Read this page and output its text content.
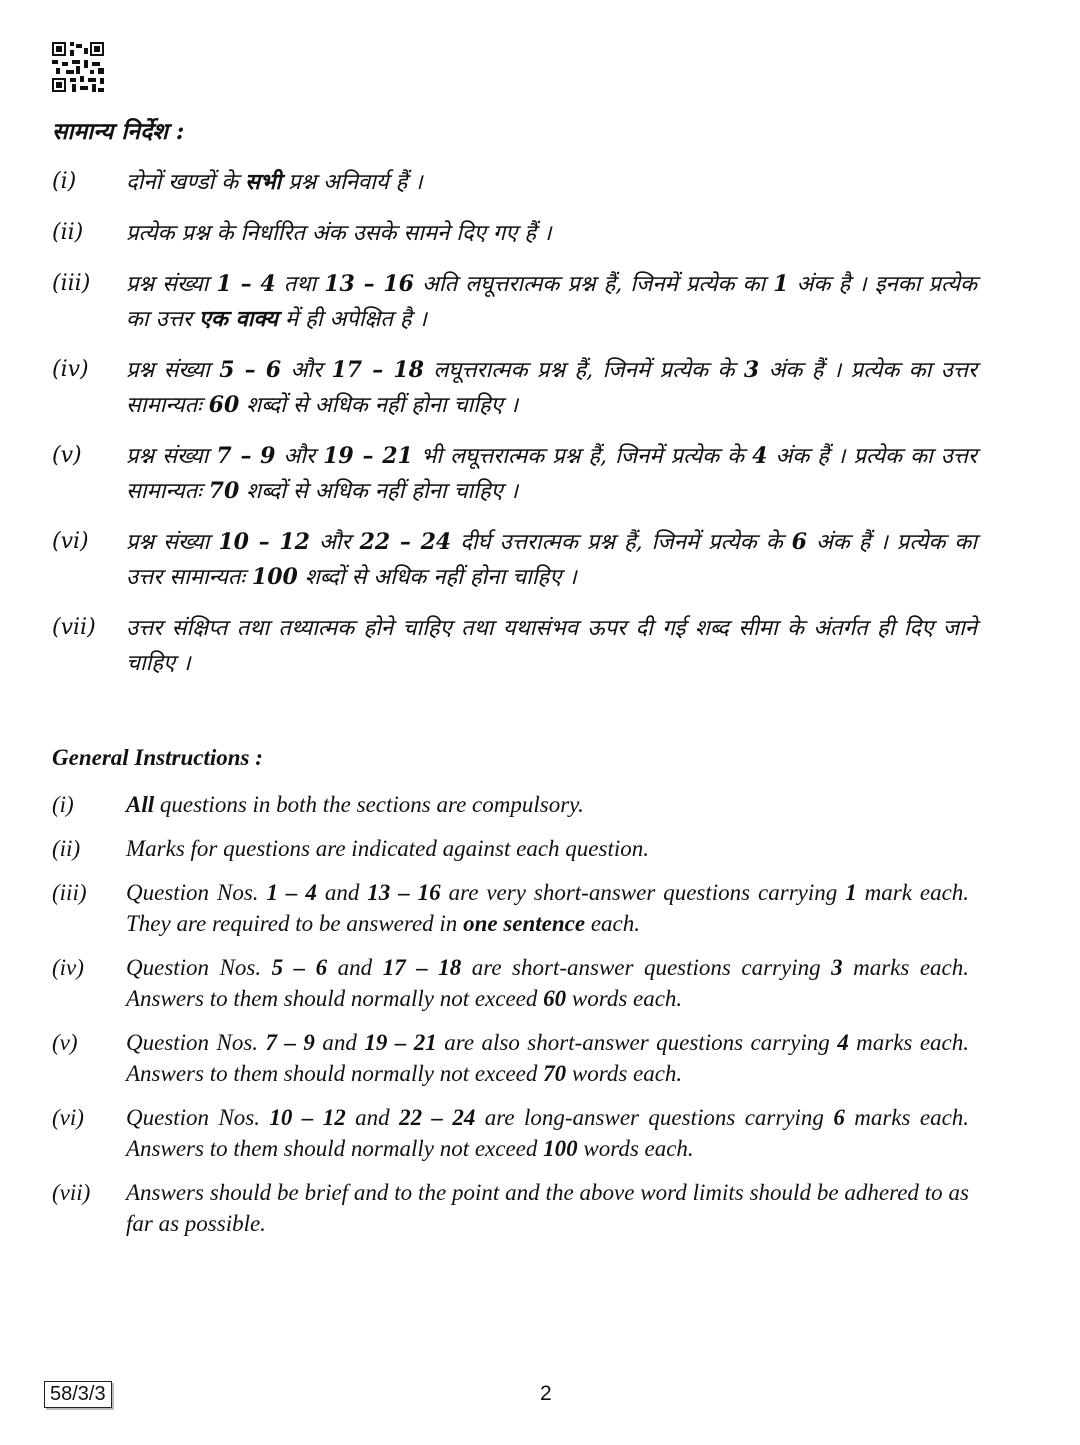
सामान्य निर्देश :
(i)	दोनों खण्डों के सभी प्रश्न अनिवार्य हैं ।
(ii)	प्रत्येक प्रश्न के निर्धारित अंक उसके सामने दिए गए हैं ।
(iii)	प्रश्न संख्या 1 – 4 तथा 13 – 16 अति लघूत्तरात्मक प्रश्न हैं, जिनमें प्रत्येक का 1 अंक है । इनका प्रत्येक का उत्तर एक वाक्य में ही अपेक्षित है ।
(iv)	प्रश्न संख्या 5 – 6 और 17 – 18 लघूत्तरात्मक प्रश्न हैं, जिनमें प्रत्येक के 3 अंक हैं । प्रत्येक का उत्तर सामान्यतः 60 शब्दों से अधिक नहीं होना चाहिए ।
(v)	प्रश्न संख्या 7 – 9 और 19 – 21 भी लघूत्तरात्मक प्रश्न हैं, जिनमें प्रत्येक के 4 अंक हैं । प्रत्येक का उत्तर सामान्यतः 70 शब्दों से अधिक नहीं होना चाहिए ।
(vi)	प्रश्न संख्या 10 – 12 और 22 – 24 दीर्घ उत्तरात्मक प्रश्न हैं, जिनमें प्रत्येक के 6 अंक हैं । प्रत्येक का उत्तर सामान्यतः 100 शब्दों से अधिक नहीं होना चाहिए ।
(vii)	उत्तर संक्षिप्त तथा तथ्यात्मक होने चाहिए तथा यथासंभव ऊपर दी गई शब्द सीमा के अंतर्गत ही दिए जाने चाहिए ।
General Instructions :
(i)	All questions in both the sections are compulsory.
(ii)	Marks for questions are indicated against each question.
(iii)	Question Nos. 1 – 4 and 13 – 16 are very short-answer questions carrying 1 mark each. They are required to be answered in one sentence each.
(iv)	Question Nos. 5 – 6 and 17 – 18 are short-answer questions carrying 3 marks each. Answers to them should normally not exceed 60 words each.
(v)	Question Nos. 7 – 9 and 19 – 21 are also short-answer questions carrying 4 marks each. Answers to them should normally not exceed 70 words each.
(vi)	Question Nos. 10 – 12 and 22 – 24 are long-answer questions carrying 6 marks each. Answers to them should normally not exceed 100 words each.
(vii)	Answers should be brief and to the point and the above word limits should be adhered to as far as possible.
58/3/3	2
